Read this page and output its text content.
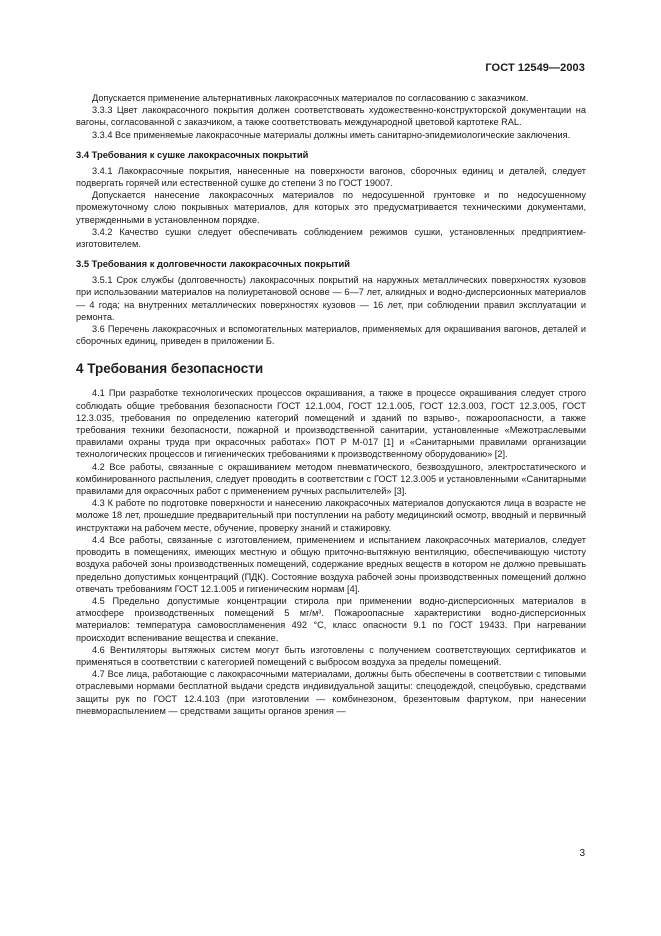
ГОСТ 12549—2003

Допускается применение альтернативных лакокрасочных материалов по согласованию с заказчиком.

3.3.3 Цвет лакокрасочного покрытия должен соответствовать художественно-конструкторской документации на вагоны, согласованной с заказчиком, а также соответствовать международной цветовой картотеке RAL.

3.3.4 Все применяемые лакокрасочные материалы должны иметь санитарно-эпидемиологические заключения.

3.4 Требования к сушке лакокрасочных покрытий

3.4.1 Лакокрасочные покрытия, нанесенные на поверхности вагонов, сборочных единиц и деталей, следует подвергать горячей или естественной сушке до степени 3 по ГОСТ 19007.

Допускается нанесение лакокрасочных материалов по недосушенной грунтовке и по недосушенному промежуточному слою покрывных материалов, для которых это предусматривается техническими документами, утвержденными в установленном порядке.

3.4.2 Качество сушки следует обеспечивать соблюдением режимов сушки, установленных предприятием-изготовителем.

3.5 Требования к долговечности лакокрасочных покрытий

3.5.1 Срок службы (долговечность) лакокрасочных покрытий на наружных металлических поверхностях кузовов при использовании материалов на полиуретановой основе — 6—7 лет, алкидных и водно-дисперсионных материалов — 4 года; на внутренних металлических поверхностях кузовов — 16 лет, при соблюдении правил эксплуатации и ремонта.

3.6 Перечень лакокрасочных и вспомогательных материалов, применяемых для окрашивания вагонов, деталей и сборочных единиц, приведен в приложении Б.

4 Требования безопасности

4.1 При разработке технологических процессов окрашивания, а также в процессе окрашивания следует строго соблюдать общие требования безопасности ГОСТ 12.1.004, ГОСТ 12.1.005, ГОСТ 12.3.003, ГОСТ 12.3.005, ГОСТ 12.3.035, требования по определению категорий помещений и зданий по взрыво-, пожароопасности, а также требования техники безопасности, пожарной и производственной санитарии, установленные «Межотраслевыми правилами охраны труда при окрасочных работах» ПОТ Р М-017 [1] и «Санитарными правилами организации технологических процессов и гигиенических требованиями к производственному оборудованию» [2].

4.2 Все работы, связанные с окрашиванием методом пневматического, безвоздушного, электростатического и комбинированного распыления, следует проводить в соответствии с ГОСТ 12.3.005 и установленными «Санитарными правилами для окрасочных работ с применением ручных распылителей» [3].

4.3 К работе по подготовке поверхности и нанесению лакокрасочных материалов допускаются лица в возрасте не моложе 18 лет, прошедшие предварительный при поступлении на работу медицинский осмотр, вводный и первичный инструктажи на рабочем месте, обучение, проверку знаний и стажировку.

4.4 Все работы, связанные с изготовлением, применением и испытанием лакокрасочных материалов, следует проводить в помещениях, имеющих местную и общую приточно-вытяжную вентиляцию, обеспечивающую чистоту воздуха рабочей зоны производственных помещений, содержание вредных веществ в котором не должно превышать предельно допустимых концентраций (ПДК). Состояние воздуха рабочей зоны производственных помещений должно отвечать требованиям ГОСТ 12.1.005 и гигиеническим нормам [4].

4.5 Предельно допустимые концентрации стирола при применении водно-дисперсионных материалов в атмосфере производственных помещений 5 мг/м³. Пожароопасные характеристики водно-дисперсионных материалов: температура самовоспламенения 492 °С, класс опасности 9.1 по ГОСТ 19433. При нагревании происходит вспенивание вещества и спекание.

4.6 Вентиляторы вытяжных систем могут быть изготовлены с получением соответствующих сертификатов и применяться в соответствии с категорией помещений с выбросом воздуха за пределы помещений.

4.7 Все лица, работающие с лакокрасочными материалами, должны быть обеспечены в соответствии с типовыми отраслевыми нормами бесплатной выдачи средств индивидуальной защиты: спецодеждой, спецобувью, средствами защиты рук по ГОСТ 12.4.103 (при изготовлении — комбинезоном, брезентовым фартуком, при нанесении пневмораспылением — средствами защиты органов зрения —

3
